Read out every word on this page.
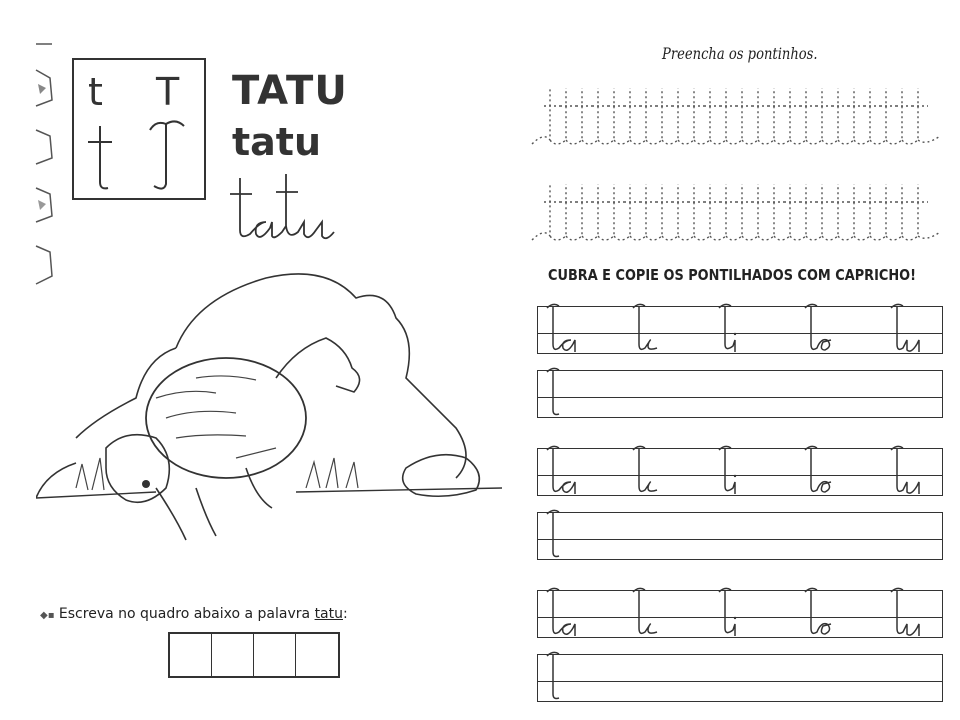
t T TATU
tatu
Preencha os pontinhos.
CUBRA E COPIE OS PONTILHADOS COM CAPRICHO!
◆▪ Escreva no quadro abaixo a palavra tatu:
